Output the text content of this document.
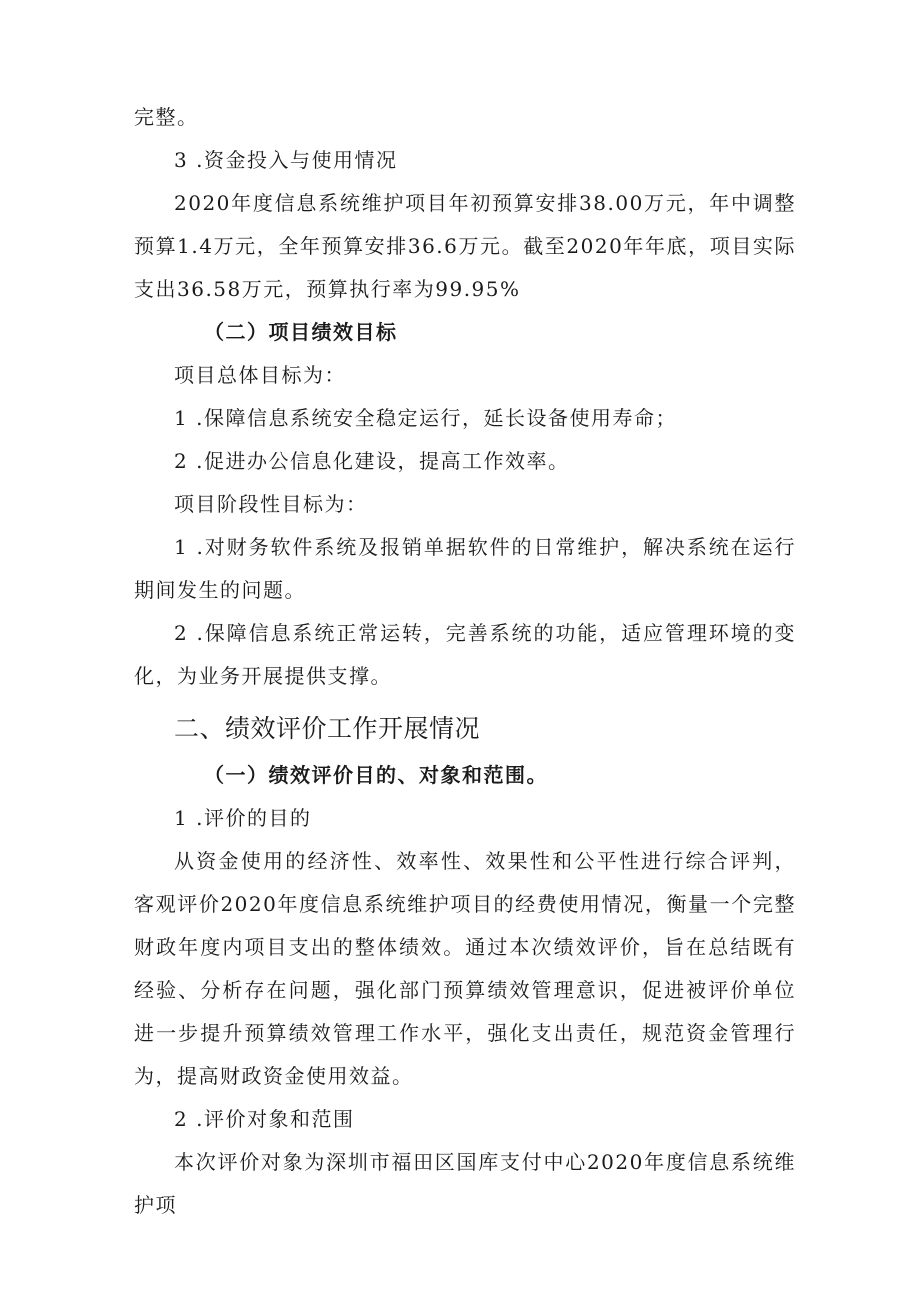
完整。

3 .资金投入与使用情况

2020年度信息系统维护项目年初预算安排38.00万元，年中调整预算1.4万元，全年预算安排36.6万元。截至2020年年底，项目实际支出36.58万元，预算执行率为99.95%

（二）项目绩效目标

项目总体目标为：

1 .保障信息系统安全稳定运行，延长设备使用寿命；

2 .促进办公信息化建设，提高工作效率。

项目阶段性目标为：

1 .对财务软件系统及报销单据软件的日常维护，解决系统在运行期间发生的问题。

2 .保障信息系统正常运转，完善系统的功能，适应管理环境的变化，为业务开展提供支撑。

二、绩效评价工作开展情况

（一）绩效评价目的、对象和范围。

1 .评价的目的

从资金使用的经济性、效率性、效果性和公平性进行综合评判，客观评价2020年度信息系统维护项目的经费使用情况，衡量一个完整财政年度内项目支出的整体绩效。通过本次绩效评价，旨在总结既有经验、分析存在问题，强化部门预算绩效管理意识，促进被评价单位进一步提升预算绩效管理工作水平，强化支出责任，规范资金管理行为，提高财政资金使用效益。

2 .评价对象和范围

本次评价对象为深圳市福田区国库支付中心2020年度信息系统维护项
